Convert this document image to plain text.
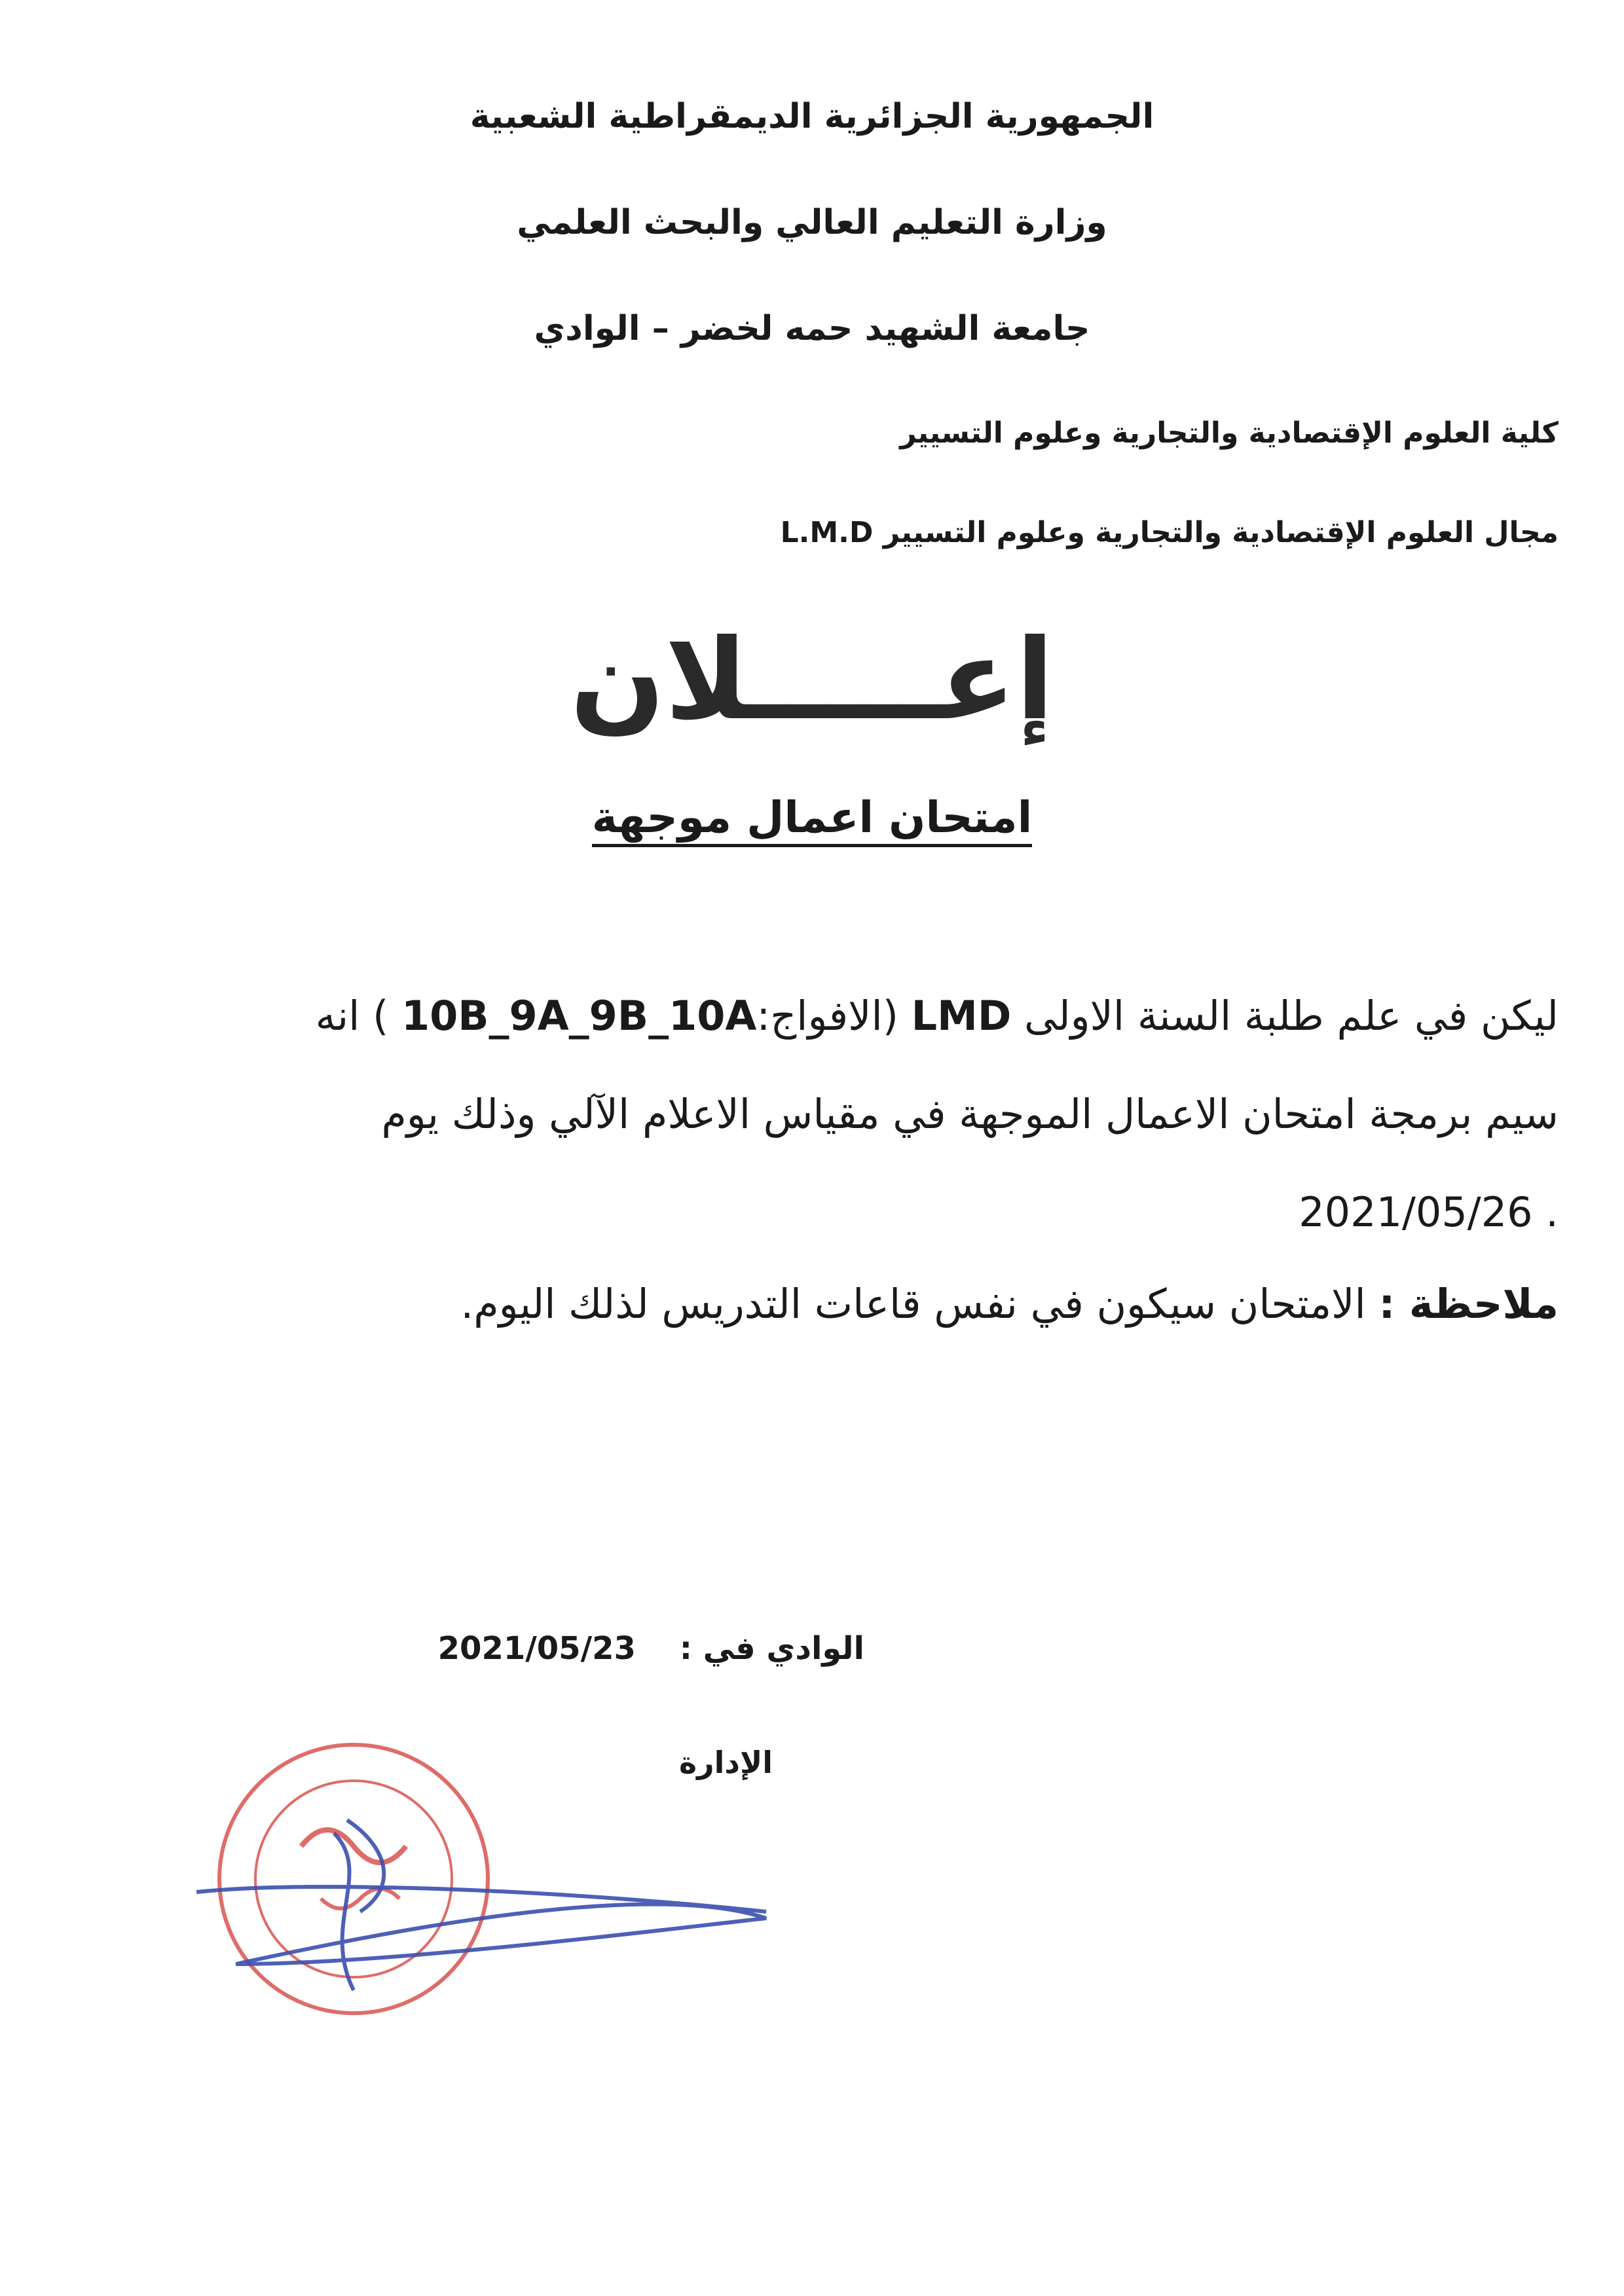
الجمهورية الجزائرية الديمقراطية الشعبية
وزارة التعليم العالي والبحث العلمي
جامعة الشهيد حمه لخضر – الوادي
كلية العلوم الإقتصادية والتجارية وعلوم التسيير
مجال العلوم الإقتصادية والتجارية وعلوم التسيير L.M.D
إعـــــلان
امتحان اعمال موجهة
ليكن في علم طلبة السنة الاولى LMD (الافواج:10B_9A_9B_10A ) انه
سيم برمجة امتحان الاعمال الموجهة في مقياس الاعلام الآلي وذلك يوم
2021/05/26 .
ملاحظة : الامتحان سيكون في نفس قاعات التدريس لذلك اليوم.
الوادي في :    2021/05/23
الإدارة
